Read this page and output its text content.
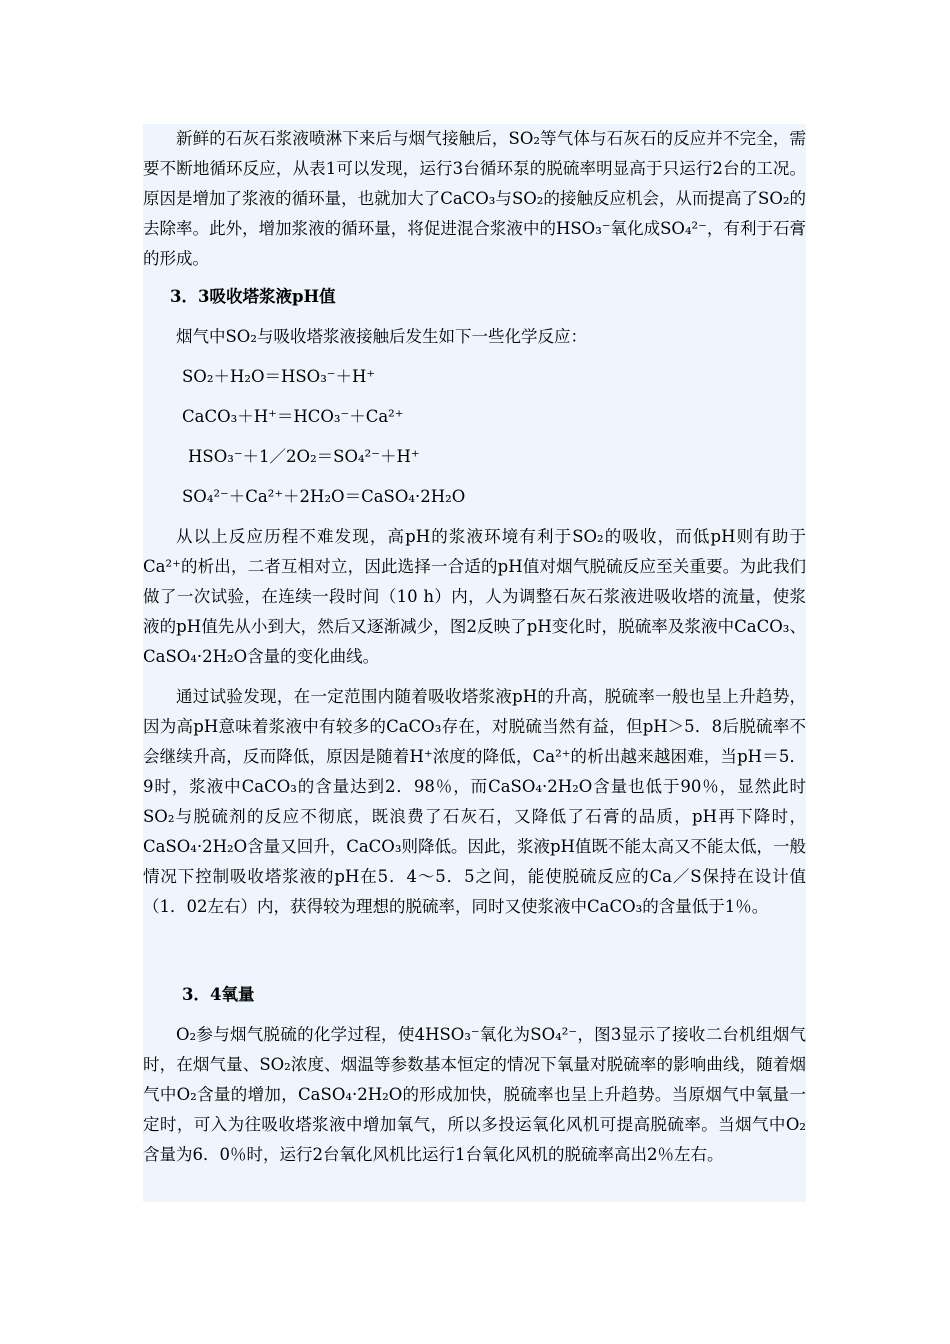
新鲜的石灰石浆液喷淋下来后与烟气接触后，SO₂等气体与石灰石的反应并不完全，需要不断地循环反应，从表1可以发现，运行3台循环泵的脱硫率明显高于只运行2台的工况。原因是增加了浆液的循环量，也就加大了CaCO₃与SO₂的接触反应机会，从而提高了SO₂的去除率。此外，增加浆液的循环量，将促进混合浆液中的HSO₃⁻氧化成SO₄²⁻，有利于石膏的形成。

3．3吸收塔浆液pH值

烟气中SO₂与吸收塔浆液接触后发生如下一些化学反应：

SO₂＋H₂O＝HSO₃⁻＋H⁺

CaCO₃＋H⁺＝HCO₃⁻＋Ca²⁺

HSO₃⁻＋1／2O₂＝SO₄²⁻＋H⁺

SO₄²⁻＋Ca²⁺＋2H₂O＝CaSO₄·2H₂O

从以上反应历程不难发现，高pH的浆液环境有利于SO₂的吸收，而低pH则有助于Ca²⁺的析出，二者互相对立，因此选择一合适的pH值对烟气脱硫反应至关重要。为此我们做了一次试验，在连续一段时间（10 h）内，人为调整石灰石浆液进吸收塔的流量，使浆液的pH值先从小到大，然后又逐渐减少，图2反映了pH变化时，脱硫率及浆液中CaCO₃、CaSO₄·2H₂O含量的变化曲线。

通过试验发现，在一定范围内随着吸收塔浆液pH的升高，脱硫率一般也呈上升趋势，因为高pH意味着浆液中有较多的CaCO₃存在，对脱硫当然有益，但pH＞5．8后脱硫率不会继续升高，反而降低，原因是随着H⁺浓度的降低，Ca²⁺的析出越来越困难，当pH＝5．9时，浆液中CaCO₃的含量达到2．98％，而CaSO₄·2H₂O含量也低于90％，显然此时SO₂与脱硫剂的反应不彻底，既浪费了石灰石，又降低了石膏的品质，pH再下降时，CaSO₄·2H₂O含量又回升，CaCO₃则降低。因此，浆液pH值既不能太高又不能太低，一般情况下控制吸收塔浆液的pH在5．4～5．5之间，能使脱硫反应的Ca／S保持在设计值（1．02左右）内，获得较为理想的脱硫率，同时又使浆液中CaCO₃的含量低于1％。

3．4氧量

O₂参与烟气脱硫的化学过程，使4HSO₃⁻氧化为SO₄²⁻，图3显示了接收二台机组烟气时，在烟气量、SO₂浓度、烟温等参数基本恒定的情况下氧量对脱硫率的影响曲线，随着烟气中O₂含量的增加，CaSO₄·2H₂O的形成加快，脱硫率也呈上升趋势。当原烟气中氧量一定时，可入为往吸收塔浆液中增加氧气，所以多投运氧化风机可提高脱硫率。当烟气中O₂含量为6．0％时，运行2台氧化风机比运行1台氧化风机的脱硫率高出2％左右。
